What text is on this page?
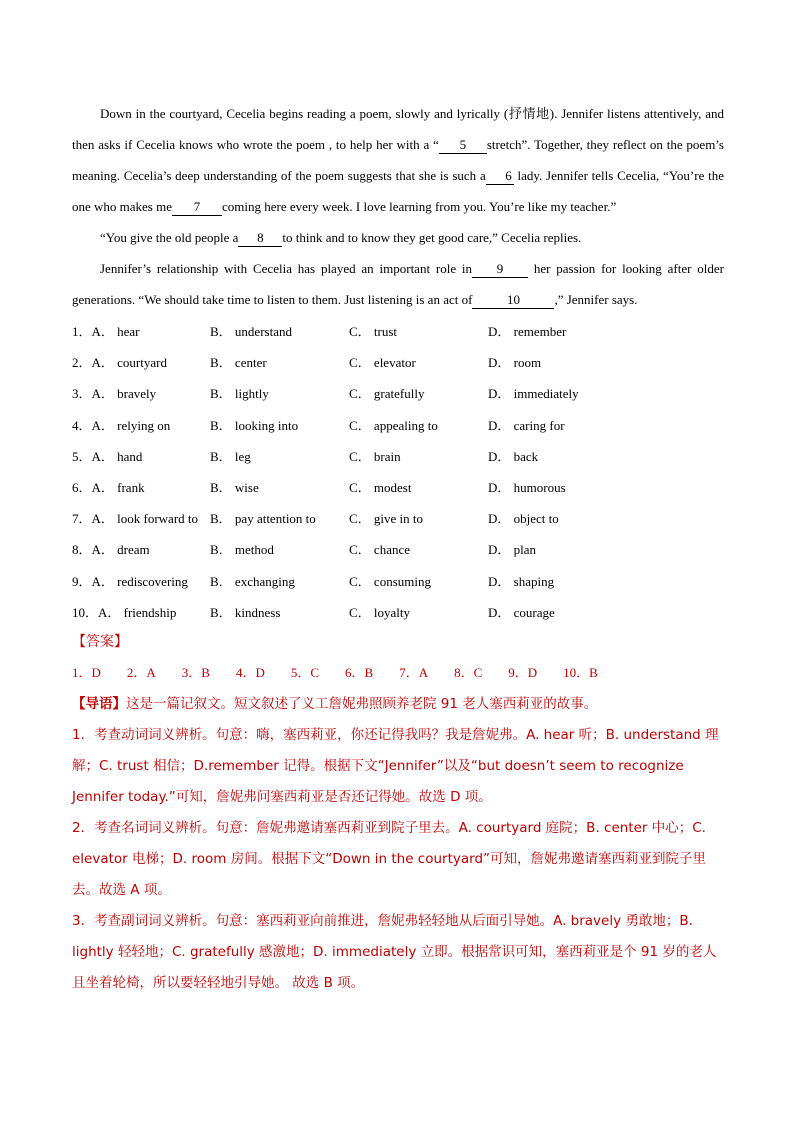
Down in the courtyard, Cecelia begins reading a poem, slowly and lyrically (抒情地). Jennifer listens attentively, and then asks if Cecelia knows who wrote the poem , to help her with a “ 5 stretch”. Together, they reflect on the poem’s meaning. Cecelia’s deep understanding of the poem suggests that she is such a 6 lady. Jennifer tells Cecelia, “You’re the one who makes me 7 coming here every week. I love learning from you. You’re like my teacher.”

“You give the old people a 8 to think and to know they get good care,” Cecelia replies.

Jennifer’s relationship with Cecelia has played an important role in 9 her passion for looking after older generations. “We should take time to listen to them. Just listening is an act of	10	,” Jennifer says.

1．A． hear	B． understand	C． trust	D． remember
2．A． courtyard	B． center	C． elevator	D． room
3．A． bravely	B． lightly	C． gratefully	D． immediately
4．A． relying on	B． looking into	C． appealing to	D． caring for
5．A． hand	B． leg	C． brain	D． back
6．A． frank	B． wise	C． modest	D． humorous
7．A． look forward to B． pay attention to	C． give in to	D． object to
8．A． dream	B． method	C． chance	D． plan
9．A． rediscovering	B． exchanging	C． consuming	D． shaping
10．A． friendship	B． kindness	C． loyalty	D． courage
【答案】
1．D 2．A 3．B 4．D 5．C 6．B 7．A 8．C 9．D 10．B

【导语】这是一篇记叙文。短文叙述了义工詹妮弗照顾养老院 91 老人塞西莉亚的故事。

1．考查动词词义辨析。句意：嗨，塞西莉亚，你还记得我吗？我是詹妮弗。A. hear 听；B. understand 理解；C. trust 相信；D.remember 记得。根据下文“Jennifer”以及“but doesn’t seem to recognize Jennifer today.”可知，詹妮弗问塞西莉亚是否还记得她。故选 D 项。

2．考查名词词义辨析。句意：詹妮弗邀请塞西莉亚到院子里去。A. courtyard 庭院；B. center 中心；C. elevator 电梯；D. room 房间。根据下文“Down in the courtyard”可知，詹妮弗邀请塞西莉亚到院子里去。故选 A 项。

3．考查副词词义辨析。句意：塞西莉亚向前推进，詹妮弗轻轻地从后面引导她。A. bravely 勇敢地；B. lightly 轻轻地；C. gratefully 感激地；D. immediately 立即。根据常识可知，塞西莉亚是个 91 岁的老人且坐着轮椅，所以要轻轻地引导她。 故选 B 项。
